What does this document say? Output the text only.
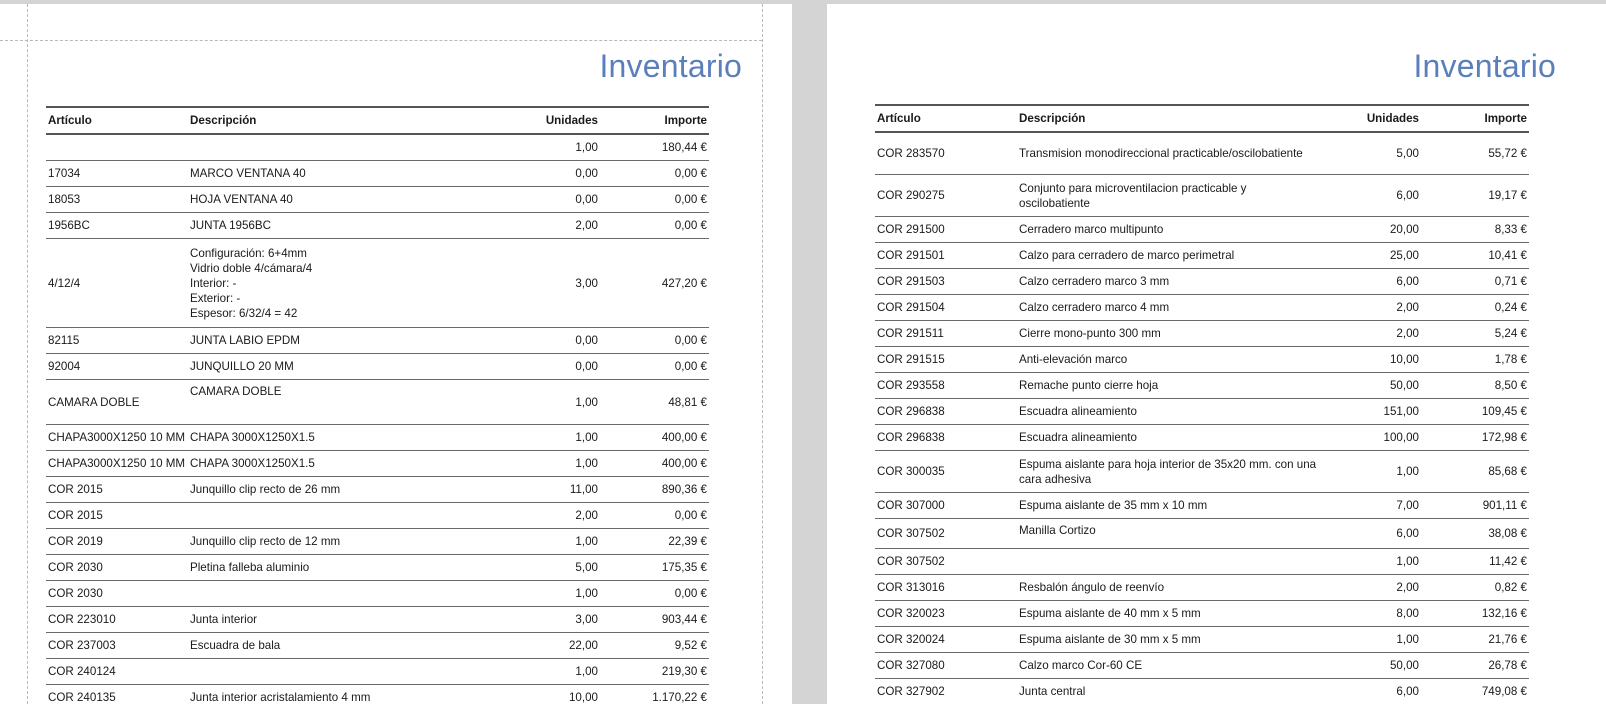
Inventario
Artículo	Descripción	Unidades	Importe
		1,00	180,44 €
17034	MARCO VENTANA 40	0,00	0,00 €
18053	HOJA VENTANA 40	0,00	0,00 €
1956BC	JUNTA 1956BC	2,00	0,00 €
4/12/4	Configuración: 6+4mm
Vidrio doble 4/cámara/4
Interior: -
Exterior: -
Espesor: 6/32/4 = 42	3,00	427,20 €
82115	JUNTA LABIO EPDM	0,00	0,00 €
92004	JUNQUILLO 20 MM	0,00	0,00 €
CAMARA DOBLE	CAMARA DOBLE	1,00	48,81 €
CHAPA3000X1250 10 MM	CHAPA 3000X1250X1.5	1,00	400,00 €
CHAPA3000X1250 10 MM	CHAPA 3000X1250X1.5	1,00	400,00 €
COR 2015	Junquillo clip recto de 26 mm	11,00	890,36 €
COR 2015		2,00	0,00 €
COR 2019	Junquillo clip recto de 12 mm	1,00	22,39 €
COR 2030	Pletina falleba aluminio	5,00	175,35 €
COR 2030		1,00	0,00 €
COR 223010	Junta interior	3,00	903,44 €
COR 237003	Escuadra de bala	22,00	9,52 €
COR 240124		1,00	219,30 €
COR 240135	Junta interior acristalamiento 4 mm	10,00	1.170,22 €
Inventario
Artículo	Descripción	Unidades	Importe
COR 283570	Transmision monodireccional practicable/oscilobatiente	5,00	55,72 €
COR 290275	Conjunto para microventilacion practicable y oscilobatiente	6,00	19,17 €
COR 291500	Cerradero marco multipunto	20,00	8,33 €
COR 291501	Calzo para cerradero de marco perimetral	25,00	10,41 €
COR 291503	Calzo cerradero marco 3 mm	6,00	0,71 €
COR 291504	Calzo cerradero marco 4 mm	2,00	0,24 €
COR 291511	Cierre mono-punto 300 mm	2,00	5,24 €
COR 291515	Anti-elevación marco	10,00	1,78 €
COR 293558	Remache punto cierre hoja	50,00	8,50 €
COR 296838	Escuadra alineamiento	151,00	109,45 €
COR 296838	Escuadra alineamiento	100,00	172,98 €
COR 300035	Espuma aislante para hoja interior de 35x20 mm. con una cara adhesiva	1,00	85,68 €
COR 307000	Espuma aislante de 35 mm x 10 mm	7,00	901,11 €
COR 307502	Manilla Cortizo	6,00	38,08 €
COR 307502		1,00	11,42 €
COR 313016	Resbalón ángulo de reenvío	2,00	0,82 €
COR 320023	Espuma aislante de 40 mm x 5 mm	8,00	132,16 €
COR 320024	Espuma aislante de 30 mm x 5 mm	1,00	21,76 €
COR 327080	Calzo marco Cor-60 CE	50,00	26,78 €
COR 327902	Junta central	6,00	749,08 €
